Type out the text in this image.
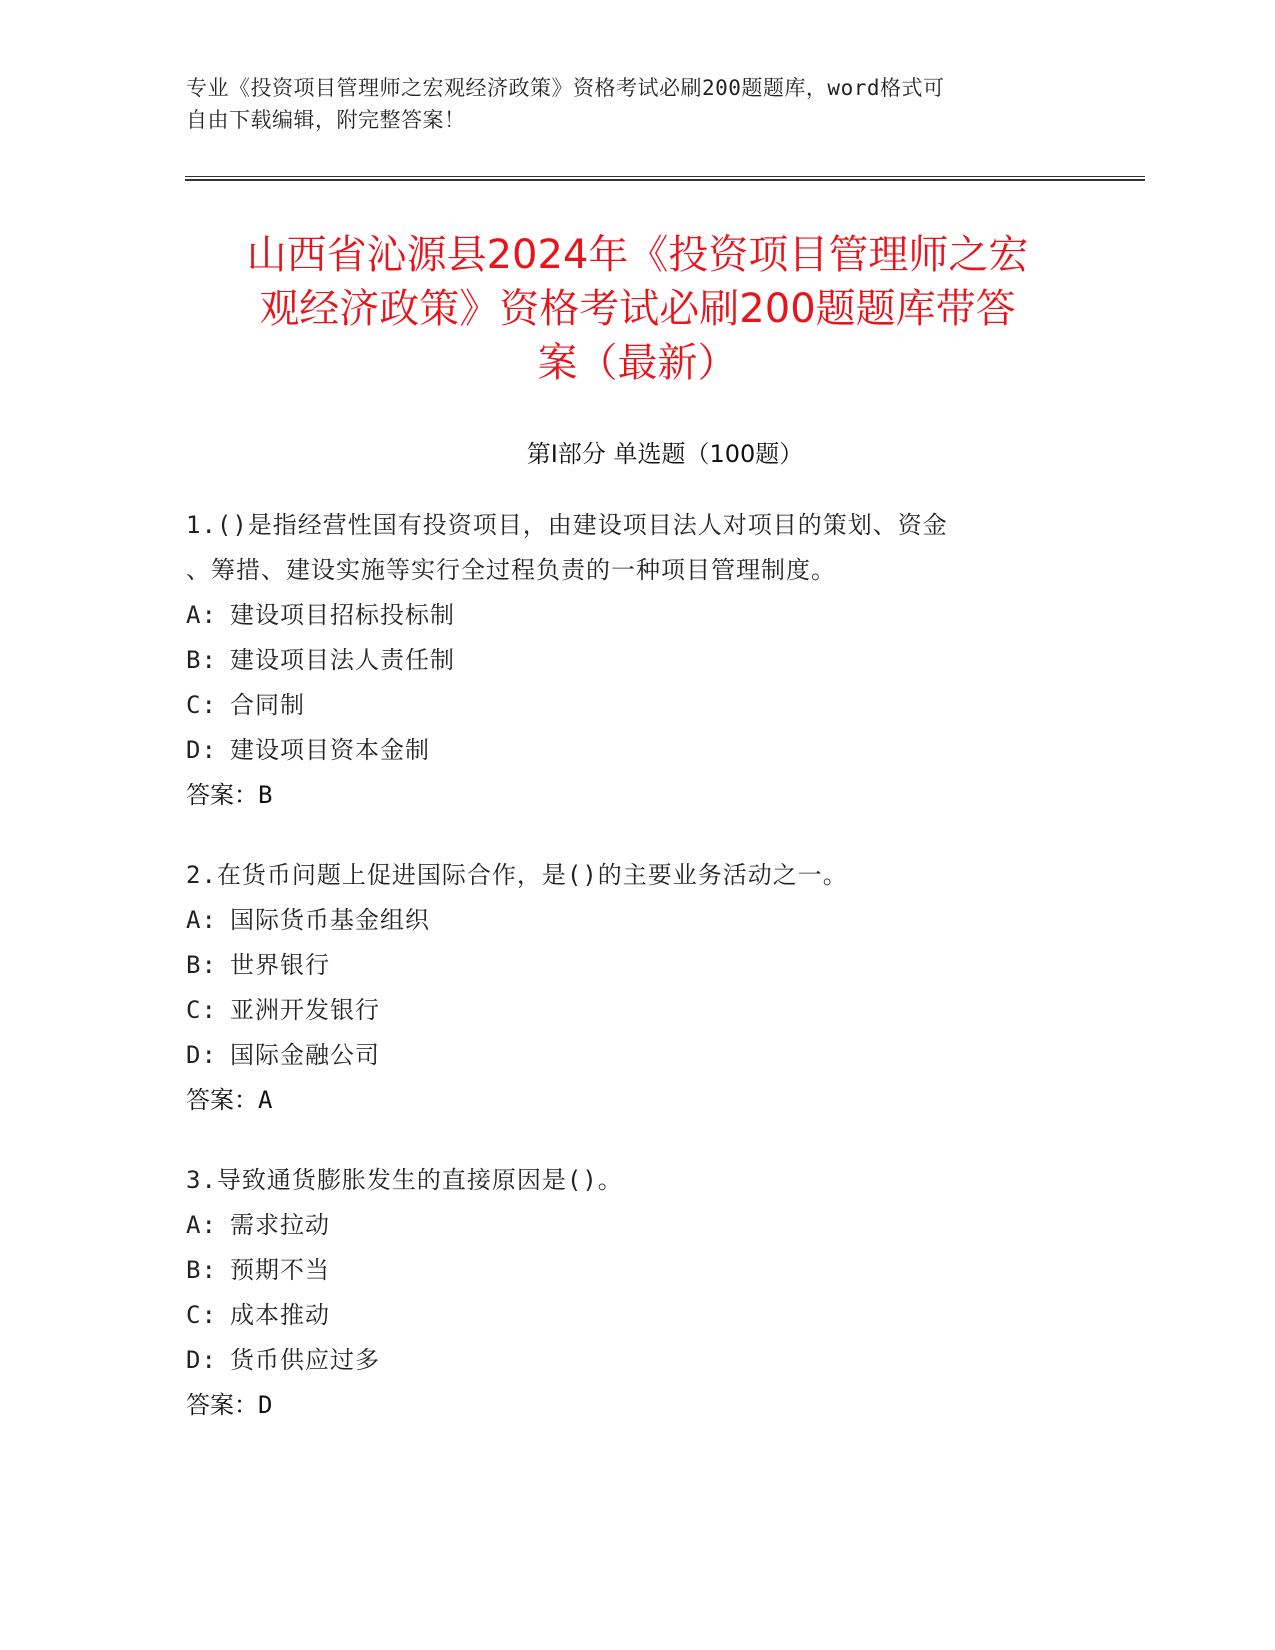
专业《投资项目管理师之宏观经济政策》资格考试必刷200题题库，word格式可
自由下载编辑，附完整答案！
山西省沁源县2024年《投资项目管理师之宏
观经济政策》资格考试必刷200题题库带答
案（最新）
第Ⅰ部分 单选题（100题）
1.()是指经营性国有投资项目，由建设项目法人对项目的策划、资金
、筹措、建设实施等实行全过程负责的一种项目管理制度。
A: 建设项目招标投标制
B: 建设项目法人责任制
C: 合同制
D: 建设项目资本金制
答案：B
2.在货币问题上促进国际合作，是()的主要业务活动之一。
A: 国际货币基金组织
B: 世界银行
C: 亚洲开发银行
D: 国际金融公司
答案：A
3.导致通货膨胀发生的直接原因是()。
A: 需求拉动
B: 预期不当
C: 成本推动
D: 货币供应过多
答案：D
